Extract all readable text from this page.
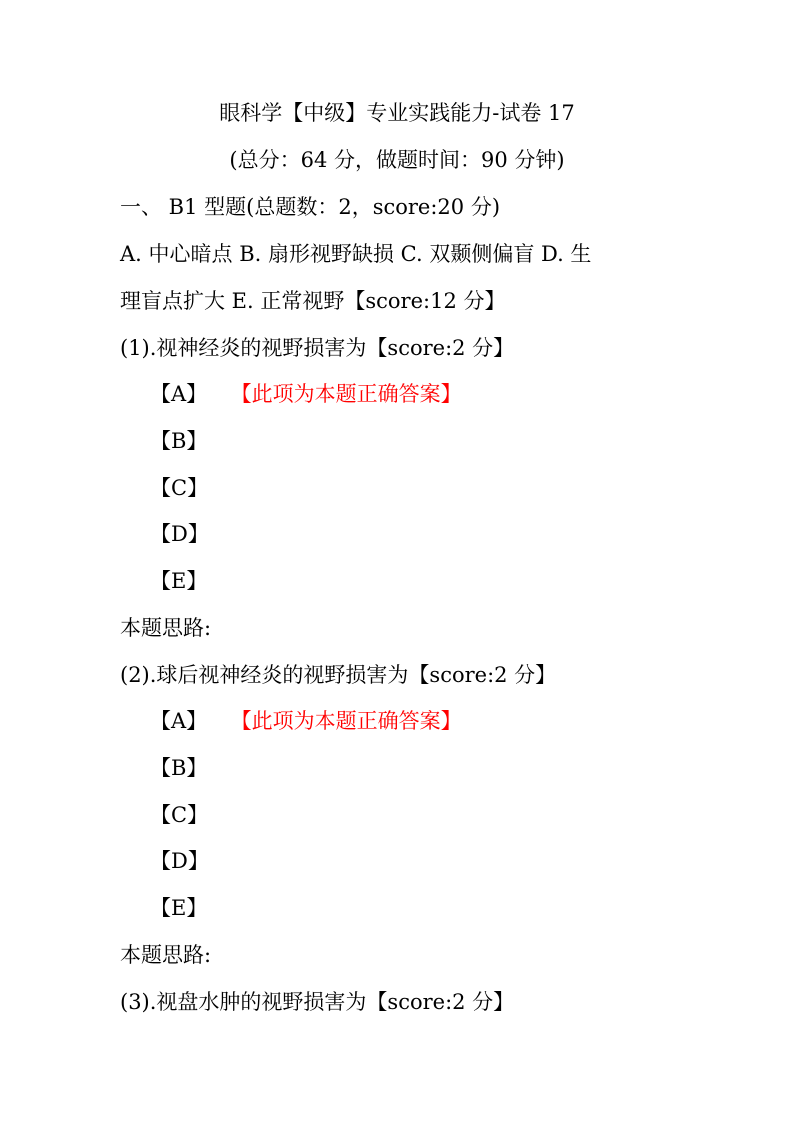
眼科学【中级】专业实践能力-试卷 17
(总分：64 分，做题时间：90 分钟)
一、 B1 型题(总题数：2，score:20 分)
A. 中心暗点 B. 扇形视野缺损 C. 双颞侧偏盲 D. 生
理盲点扩大 E. 正常视野【score:12 分】
(1).视神经炎的视野损害为【score:2 分】
【A】 【此项为本题正确答案】
【B】
【C】
【D】
【E】
本题思路:
(2).球后视神经炎的视野损害为【score:2 分】
【A】 【此项为本题正确答案】
【B】
【C】
【D】
【E】
本题思路:
(3).视盘水肿的视野损害为【score:2 分】
